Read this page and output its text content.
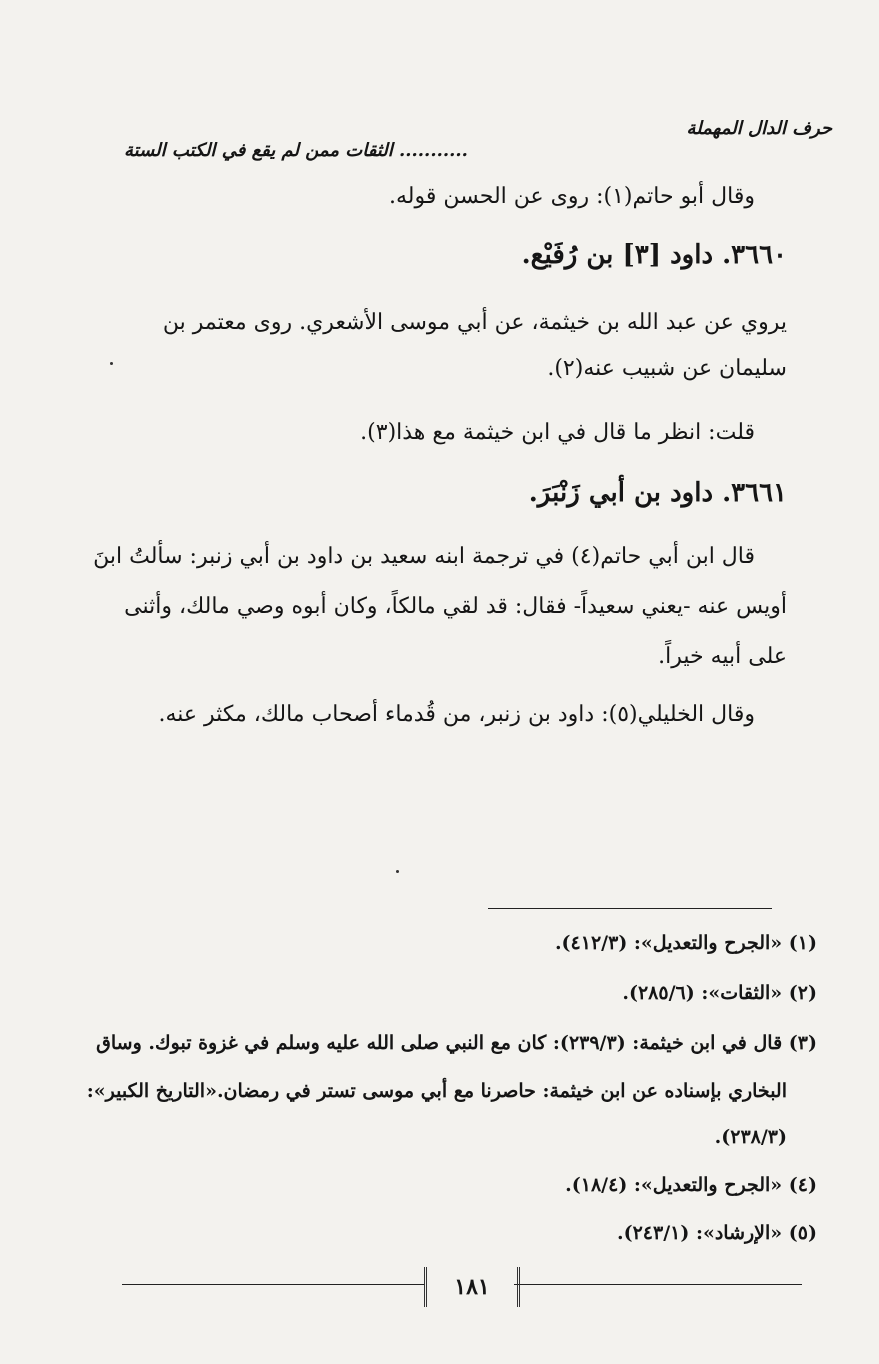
حرف الدال المهملة
........... الثقات ممن لم يقع في الكتب الستة
وقال أبو حاتم(١): روى عن الحسن قوله.
٣٦٦٠. داود [٣] بن رُفَيْع.
يروي عن عبد الله بن خيثمة، عن أبي موسى الأشعري. روى معتمر بن
سليمان عن شبيب عنه(٢).
قلت: انظر ما قال في ابن خيثمة مع هذا(٣).
٣٦٦١. داود بن أبي زَنْبَرَ.
قال ابن أبي حاتم(٤) في ترجمة ابنه سعيد بن داود بن أبي زنبر: سألتُ ابنَ
أويس عنه -يعني سعيداً- فقال: قد لقي مالكاً، وكان أبوه وصي مالك، وأثنى
على أبيه خيراً.
وقال الخليلي(٥): داود بن زنبر، من قُدماء أصحاب مالك، مكثر عنه.
(١) «الجرح والتعديل»: (٤١٢/٣).
(٢) «الثقات»: (٢٨٥/٦).
(٣) قال في ابن خيثمة: (٢٣٩/٣): كان مع النبي صلى الله عليه وسلم في غزوة تبوك. وساق
البخاري بإسناده عن ابن خيثمة: حاصرنا مع أبي موسى تستر في رمضان.«التاريخ الكبير»:
(٢٣٨/٣).
(٤) «الجرح والتعديل»: (١٨/٤).
(٥) «الإرشاد»: (٢٤٣/١).
١٨١
